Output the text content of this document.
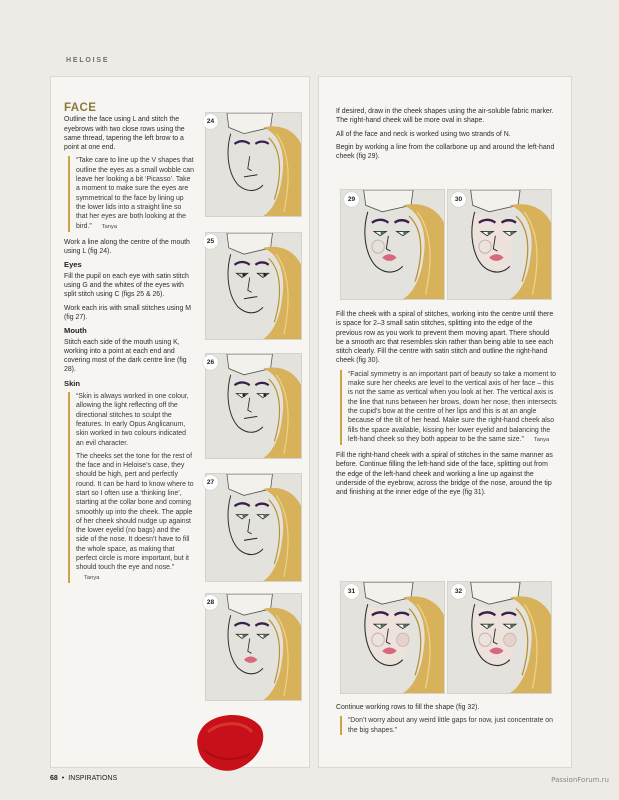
HELOISE
FACE

Outline the face using L and stitch the eyebrows with two close rows using the same thread, tapering the left brow to a point at one end.

“Take care to line up the V shapes that outline the eyes as a small wobble can leave her looking a bit ‘Picasso’. Take a moment to make sure the eyes are symmetrical to the face by lining up the lower lids into a straight line so that her eyes are both looking at the bird.” Tanya

Work a line along the centre of the mouth using L (fig 24).

Eyes

Fill the pupil on each eye with satin stitch using G and the whites of the eyes with split stitch using C (figs 25 & 26).

Work each iris with small stitches using M (fig 27).

Mouth

Stitch each side of the mouth using K, working into a point at each end and covering most of the dark centre line (fig 28).

Skin

“Skin is always worked in one colour, allowing the light reflecting off the directional stitches to sculpt the features. In early Opus Anglicanum, skin worked in two colours indicated an evil character.

The cheeks set the tone for the rest of the face and in Heloise’s case, they should be high, pert and perfectly round. It can be hard to know where to start so I often use a ‘thinking line’, starting at the collar bone and coming smoothly up into the cheek. The apple of her cheek should nudge up against the lower eyelid (no bags) and the side of the nose. It doesn’t have to fill the whole space, as making that perfect circle is more important, but it should touch the eye and nose.” Tanya
24
25
26
27
28

If desired, draw in the cheek shapes using the air-soluble fabric marker. The right-hand cheek will be more oval in shape.

All of the face and neck is worked using two strands of N.

Begin by working a line from the collarbone up and around the left-hand cheek (fig 29).

Fill the cheek with a spiral of stitches, working into the centre until there is space for 2–3 small satin stitches, splitting into the edge of the previous row as you work to prevent them moving apart. There should be a smooth arc that resembles skin rather than being able to see each stitch clearly. Fill the centre with satin stitch and outline the right-hand cheek (fig 30).

“Facial symmetry is an important part of beauty so take a moment to make sure her cheeks are level to the vertical axis of her face – this is not the same as vertical when you look at her. The vertical axis is the line that runs between her brows, down her nose, then intersects the cupid’s bow at the centre of her lips and this is at an angle because of the tilt of her head. Make sure the right-hand cheek also fills the space available, kissing her lower eyelid and balancing the left-hand cheek so they both appear to be the same size.” Tanya

Fill the right-hand cheek with a spiral of stitches in the same manner as before. Continue filling the left-hand side of the face, splitting out from the edge of the left-hand cheek and working a line up against the underside of the eyebrow, across the bridge of the nose, around the tip and finishing at the inner edge of the eye (fig 31).

Continue working rows to fill the shape (fig 32).

“Don’t worry about any weird little gaps for now, just concentrate on the big shapes.”
29	30
31	32
68 • INSPIRATIONS	PassionForum.ru
